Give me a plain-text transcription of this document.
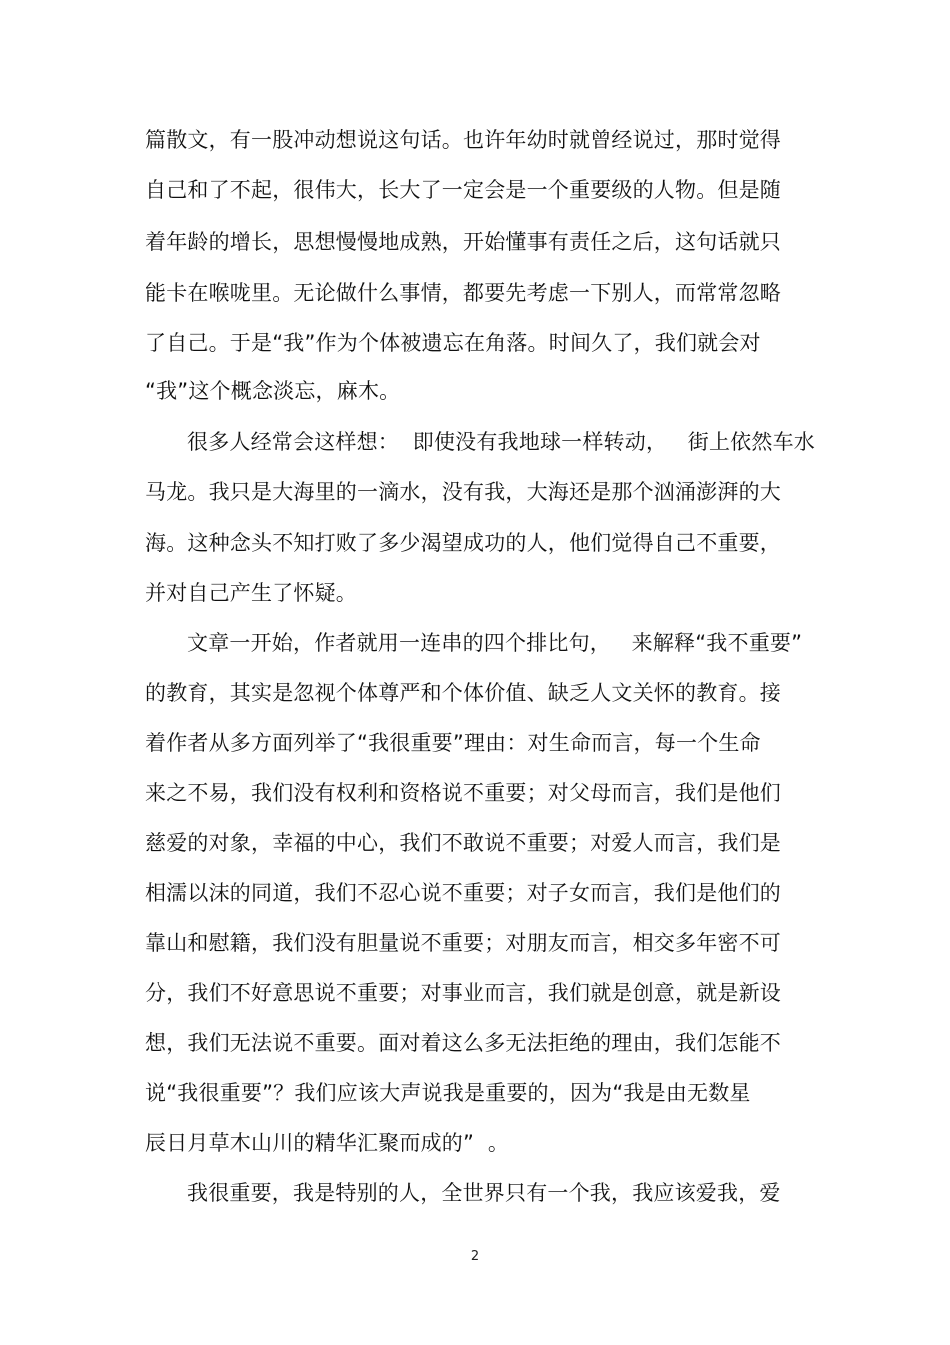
篇散文，有一股冲动想说这句话。也许年幼时就曾经说过，那时觉得
自己和了不起，很伟大，长大了一定会是一个重要级的人物。但是随
着年龄的增长，思想慢慢地成熟，开始懂事有责任之后，这句话就只
能卡在喉咙里。无论做什么事情，都要先考虑一下别人，而常常忽略
了自己。于是“我”作为个体被遗忘在角落。时间久了，我们就会对
“我”这个概念淡忘，麻木。
很多人经常会这样想：  即使没有我地球一样转动，   街上依然车水
马龙。我只是大海里的一滴水，没有我，大海还是那个汹涌澎湃的大
海。这种念头不知打败了多少渴望成功的人，他们觉得自己不重要，
并对自己产生了怀疑。
文章一开始，作者就用一连串的四个排比句，   来解释“我不重要”
的教育，其实是忽视个体尊严和个体价值、缺乏人文关怀的教育。接
着作者从多方面列举了“我很重要”理由：对生命而言，每一个生命
来之不易，我们没有权利和资格说不重要；对父母而言，我们是他们
慈爱的对象，幸福的中心，我们不敢说不重要；对爱人而言，我们是
相濡以沫的同道，我们不忍心说不重要；对子女而言，我们是他们的
靠山和慰籍，我们没有胆量说不重要；对朋友而言，相交多年密不可
分，我们不好意思说不重要；对事业而言，我们就是创意，就是新设
想，我们无法说不重要。面对着这么多无法拒绝的理由，我们怎能不
说“我很重要”？我们应该大声说我是重要的，因为“我是由无数星
辰日月草木山川的精华汇聚而成的”  。
我很重要，我是特别的人，全世界只有一个我，我应该爱我，爱
2
